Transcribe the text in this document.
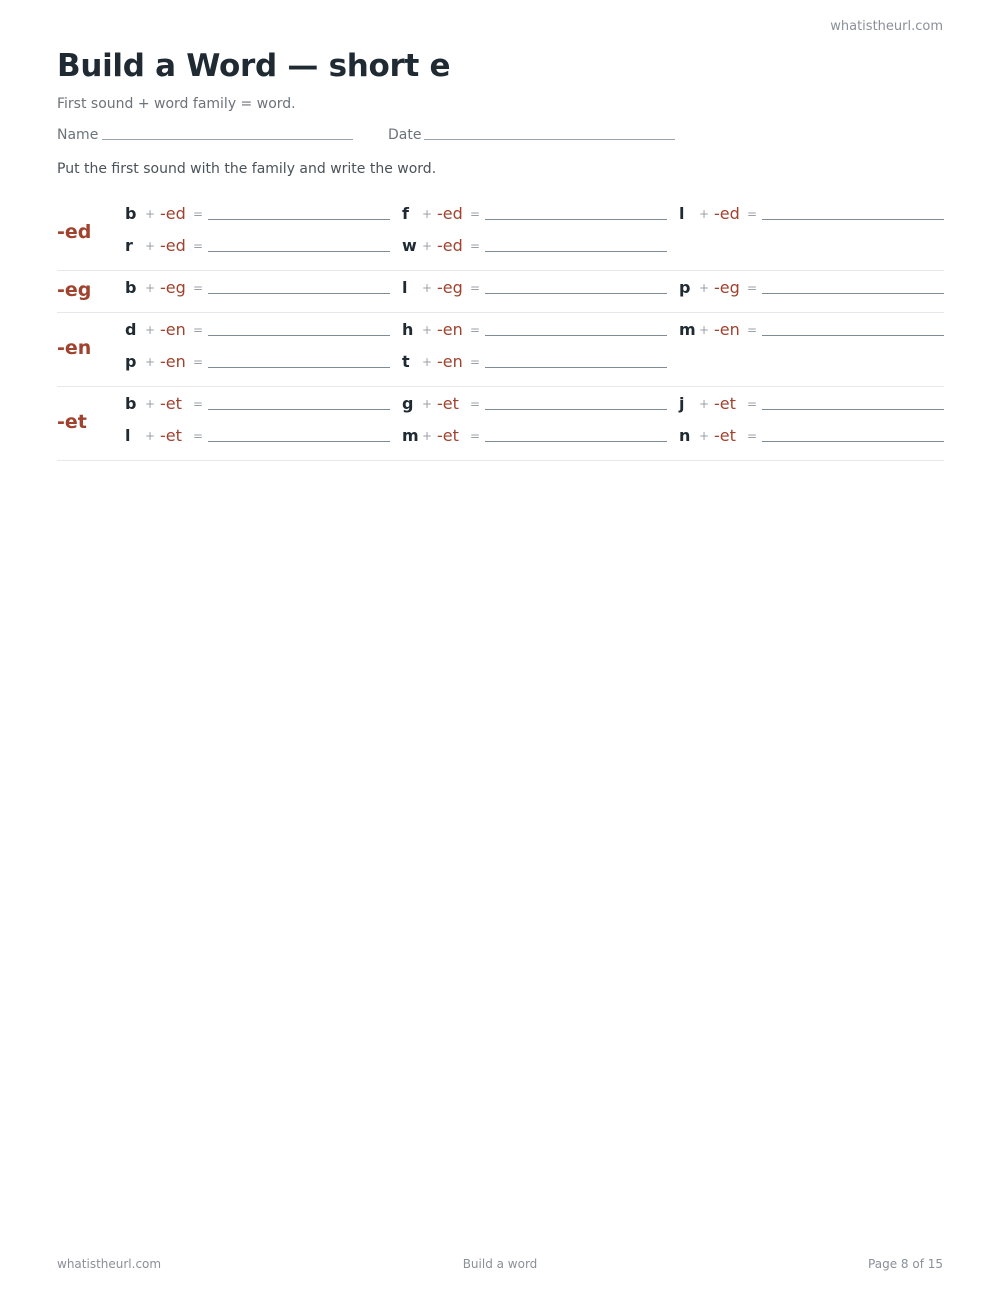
whatistheurl.com
Build a Word — short e
First sound + word family = word.
Name	Date
Put the first sound with the family and write the word.
-ed
b + -ed =	f + -ed =	l + -ed =
r + -ed =	w + -ed =
-eg b + -eg =	l + -eg =	p + -eg =
-en
d + -en =	h + -en =	m + -en =
p + -en =	t + -en =
-et
b + -et =	g + -et =	j + -et =
l + -et =	m + -et =	n + -et =
whatistheurl.com	Build a word	Page 8 of 15
